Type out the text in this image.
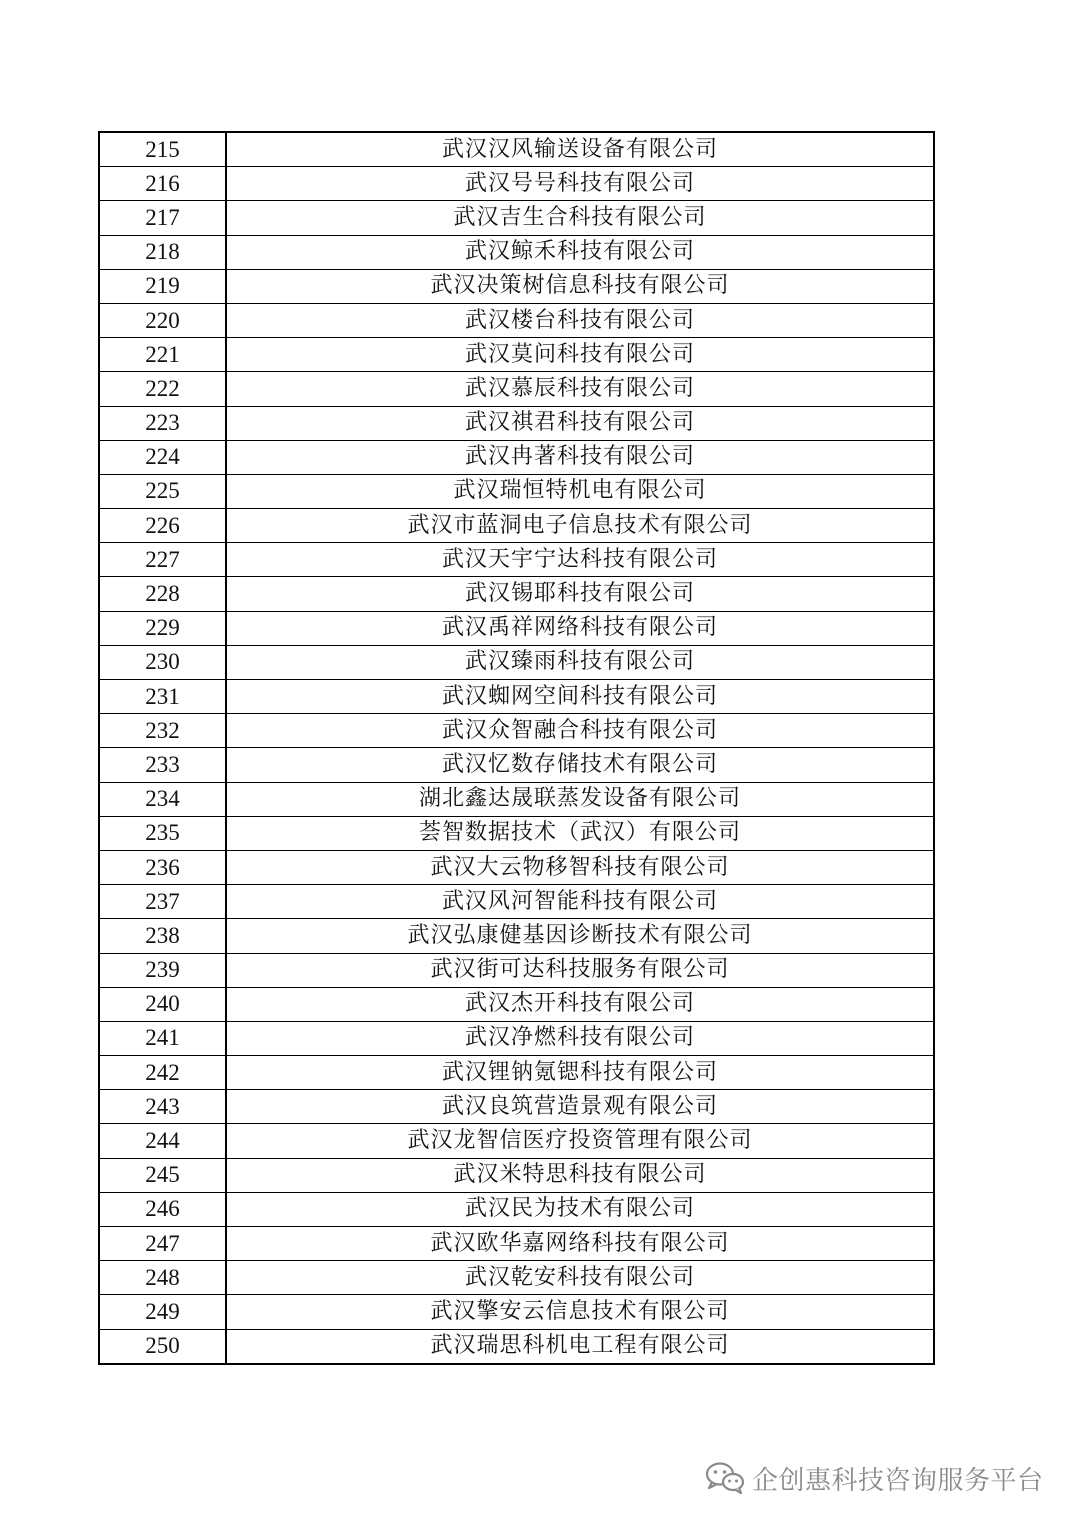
215	武汉汉风输送设备有限公司
216	武汉号号科技有限公司
217	武汉吉生合科技有限公司
218	武汉鲸禾科技有限公司
219	武汉决策树信息科技有限公司
220	武汉楼台科技有限公司
221	武汉莫问科技有限公司
222	武汉慕辰科技有限公司
223	武汉祺君科技有限公司
224	武汉冉著科技有限公司
225	武汉瑞恒特机电有限公司
226	武汉市蓝洞电子信息技术有限公司
227	武汉天宇宁达科技有限公司
228	武汉锡耶科技有限公司
229	武汉禹祥网络科技有限公司
230	武汉臻雨科技有限公司
231	武汉蜘网空间科技有限公司
232	武汉众智融合科技有限公司
233	武汉忆数存储技术有限公司
234	湖北鑫达晟联蒸发设备有限公司
235	荟智数据技术（武汉）有限公司
236	武汉大云物移智科技有限公司
237	武汉风河智能科技有限公司
238	武汉弘康健基因诊断技术有限公司
239	武汉街可达科技服务有限公司
240	武汉杰开科技有限公司
241	武汉净燃科技有限公司
242	武汉锂钠氪锶科技有限公司
243	武汉良筑营造景观有限公司
244	武汉龙智信医疗投资管理有限公司
245	武汉米特思科技有限公司
246	武汉民为技术有限公司
247	武汉欧华嘉网络科技有限公司
248	武汉乾安科技有限公司
249	武汉擎安云信息技术有限公司
250	武汉瑞思科机电工程有限公司
企创惠科技咨询服务平台
